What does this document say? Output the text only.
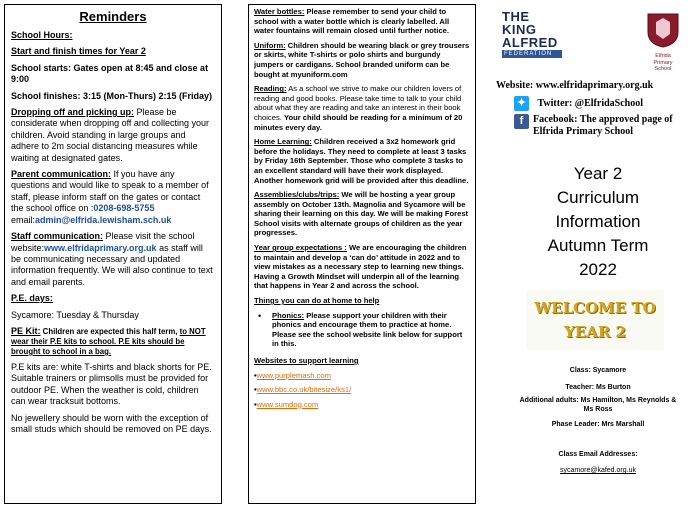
Reminders

School Hours:

Start and finish times for Year 2

School starts: Gates open at 8:45 and close at 9:00

School finishes: 3:15 (Mon-Thurs) 2:15 (Friday)

Dropping off and picking up: Please be considerate when dropping off and collecting your children. Avoid standing in large groups and adhere to 2m social distancing measures while waiting at designated gates.

Parent communication: If you have any questions and would like to speak to a member of staff, please inform staff on the gates or contact the school office on :0208-698-5755
email:admin@elfrida.lewisham.sch.uk

Staff communication: Please visit the school website:www.elfridaprimary.org.uk as staff will be communicating necessary and updated information frequently. We will also continue to text and email parents.

P.E. days:

Sycamore: Tuesday & Thursday

PE Kit: Children are expected this half term, to NOT wear their P.E kits to school. P.E kits should be brought to school in a bag.

P.E kits are: white T-shirts and black shorts for PE. Suitable trainers or plimsolls must be provided for outdoor PE. When the weather is cold, children can wear tracksuit bottoms.

No jewellery should be worn with the exception of small studs which should be removed on PE days.

Water bottles: Please remember to send your child to school with a water bottle which is clearly labelled. All water fountains will remain closed until further notice.

Uniform: Children should be wearing black or grey trousers or skirts, white T-shirts or polo shirts and burgundy jumpers or cardigans. School branded uniform can be bought at myuniform.com

Reading: As a school we strive to make our children lovers of reading and good books. Please take time to talk to your child about what they are reading and take an interest in their book choices. Your child should be reading for a minimum of 20 minutes every day.

Home Learning: Children received a 3x2 homework grid before the holidays. They need to complete at least 3 tasks by Friday 16th September. Those who complete 3 tasks to an excellent standard will have their work displayed. Another homework grid will be provided after this deadline.

Assemblies/clubs/trips: We will be hosting a year group assembly on October 13th. Magnolia and Sycamore will be sharing their learning on this day. We will be making Forest School visits with alternate groups of children as the year progresses.

Year group expectations : We are encouraging the children to maintain and develop a ‘can do’ attitude in 2022 and to view mistakes as a necessary step to learning new things. Having a Growth Mindset will underpin all of the learning that happens in Year 2 and across the school.

Things you can do at home to help

•	Phonics: Please support your children with their phonics and encourage them to practice at home. Please see the school website link below for support in this.

Websites to support learning

•www.purplemash.com

•www.bbc.co.uk/bitesize/ks1/

•www.sumdog.com

THE
KING
ALFRED
FEDERATION	Elfrida Primary School
Website: www.elfridaprimary.org.uk
✦ Twitter: @ElfridaSchool
f Facebook: The approved page of Elfrida Primary School
Year 2
Curriculum
Information
Autumn Term
2022
WELCOME TO YEAR 2
Class: Sycamore
Teacher: Ms Burton
Additional adults: Ms Hamilton, Ms Reynolds & Ms Ross
Phase Leader: Mrs Marshall
Class Email Addresses:
sycamore@kafed.org.uk
